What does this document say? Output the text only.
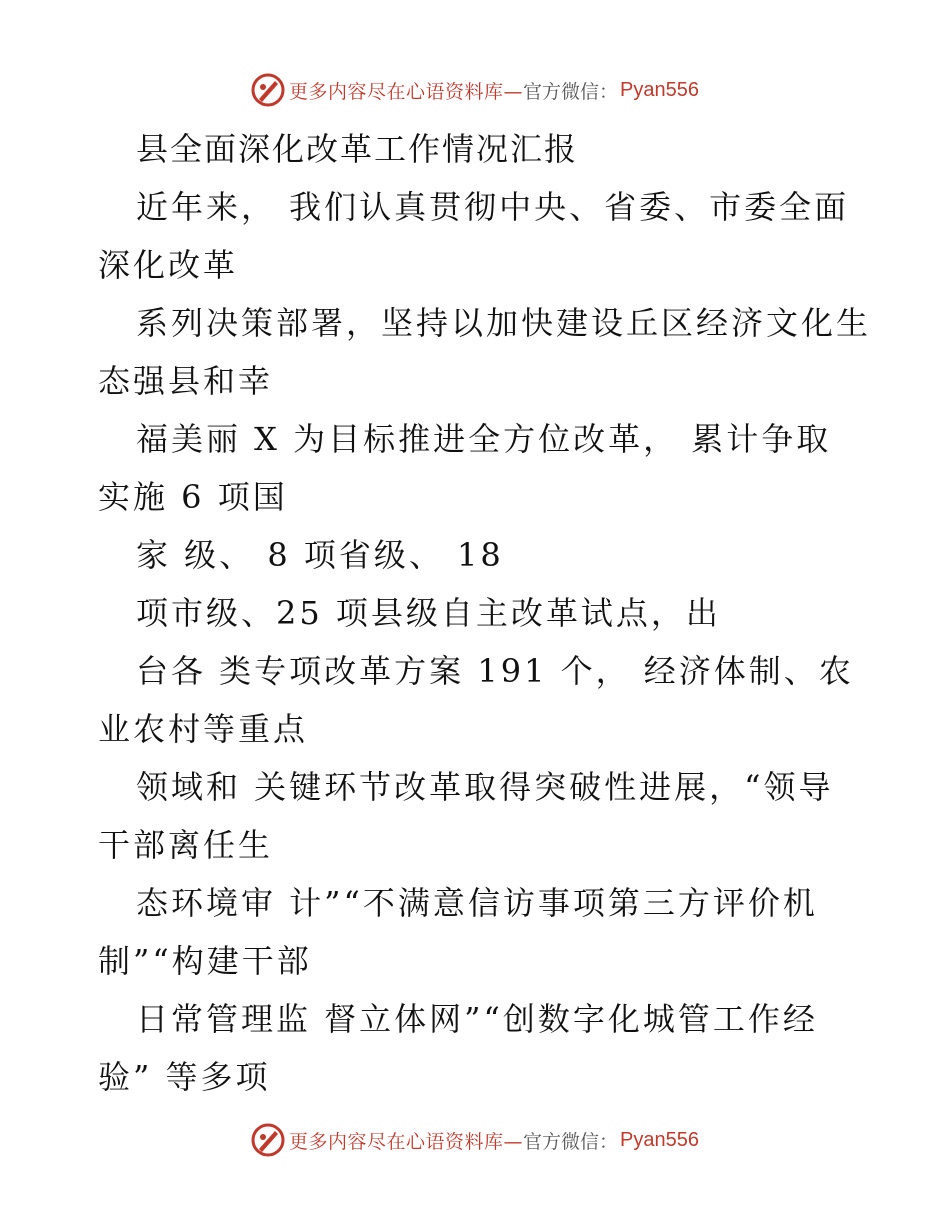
更多内容尽在心语资料库— 官方微信： Pyan556
县全面深化改革工作情况汇报
近年来， 我们认真贯彻中央、省委、市委全面
深化改革
系列决策部署，坚持以加快建设丘区经济文化生
态强县和幸
福美丽 X 为目标推进全方位改革， 累计争取
实施 6 项国
家 级、 8 项省级、 18
项市级、25 项县级自主改革试点，出
台各 类专项改革方案 191 个， 经济体制、农
业农村等重点
领域和 关键环节改革取得突破性进展，“领导
干部离任生
态环境审 计”“不满意信访事项第三方评价机
制”“构建干部
日常管理监 督立体网”“创数字化城管工作经
验” 等多项
更多内容尽在心语资料库— 官方微信： Pyan556
